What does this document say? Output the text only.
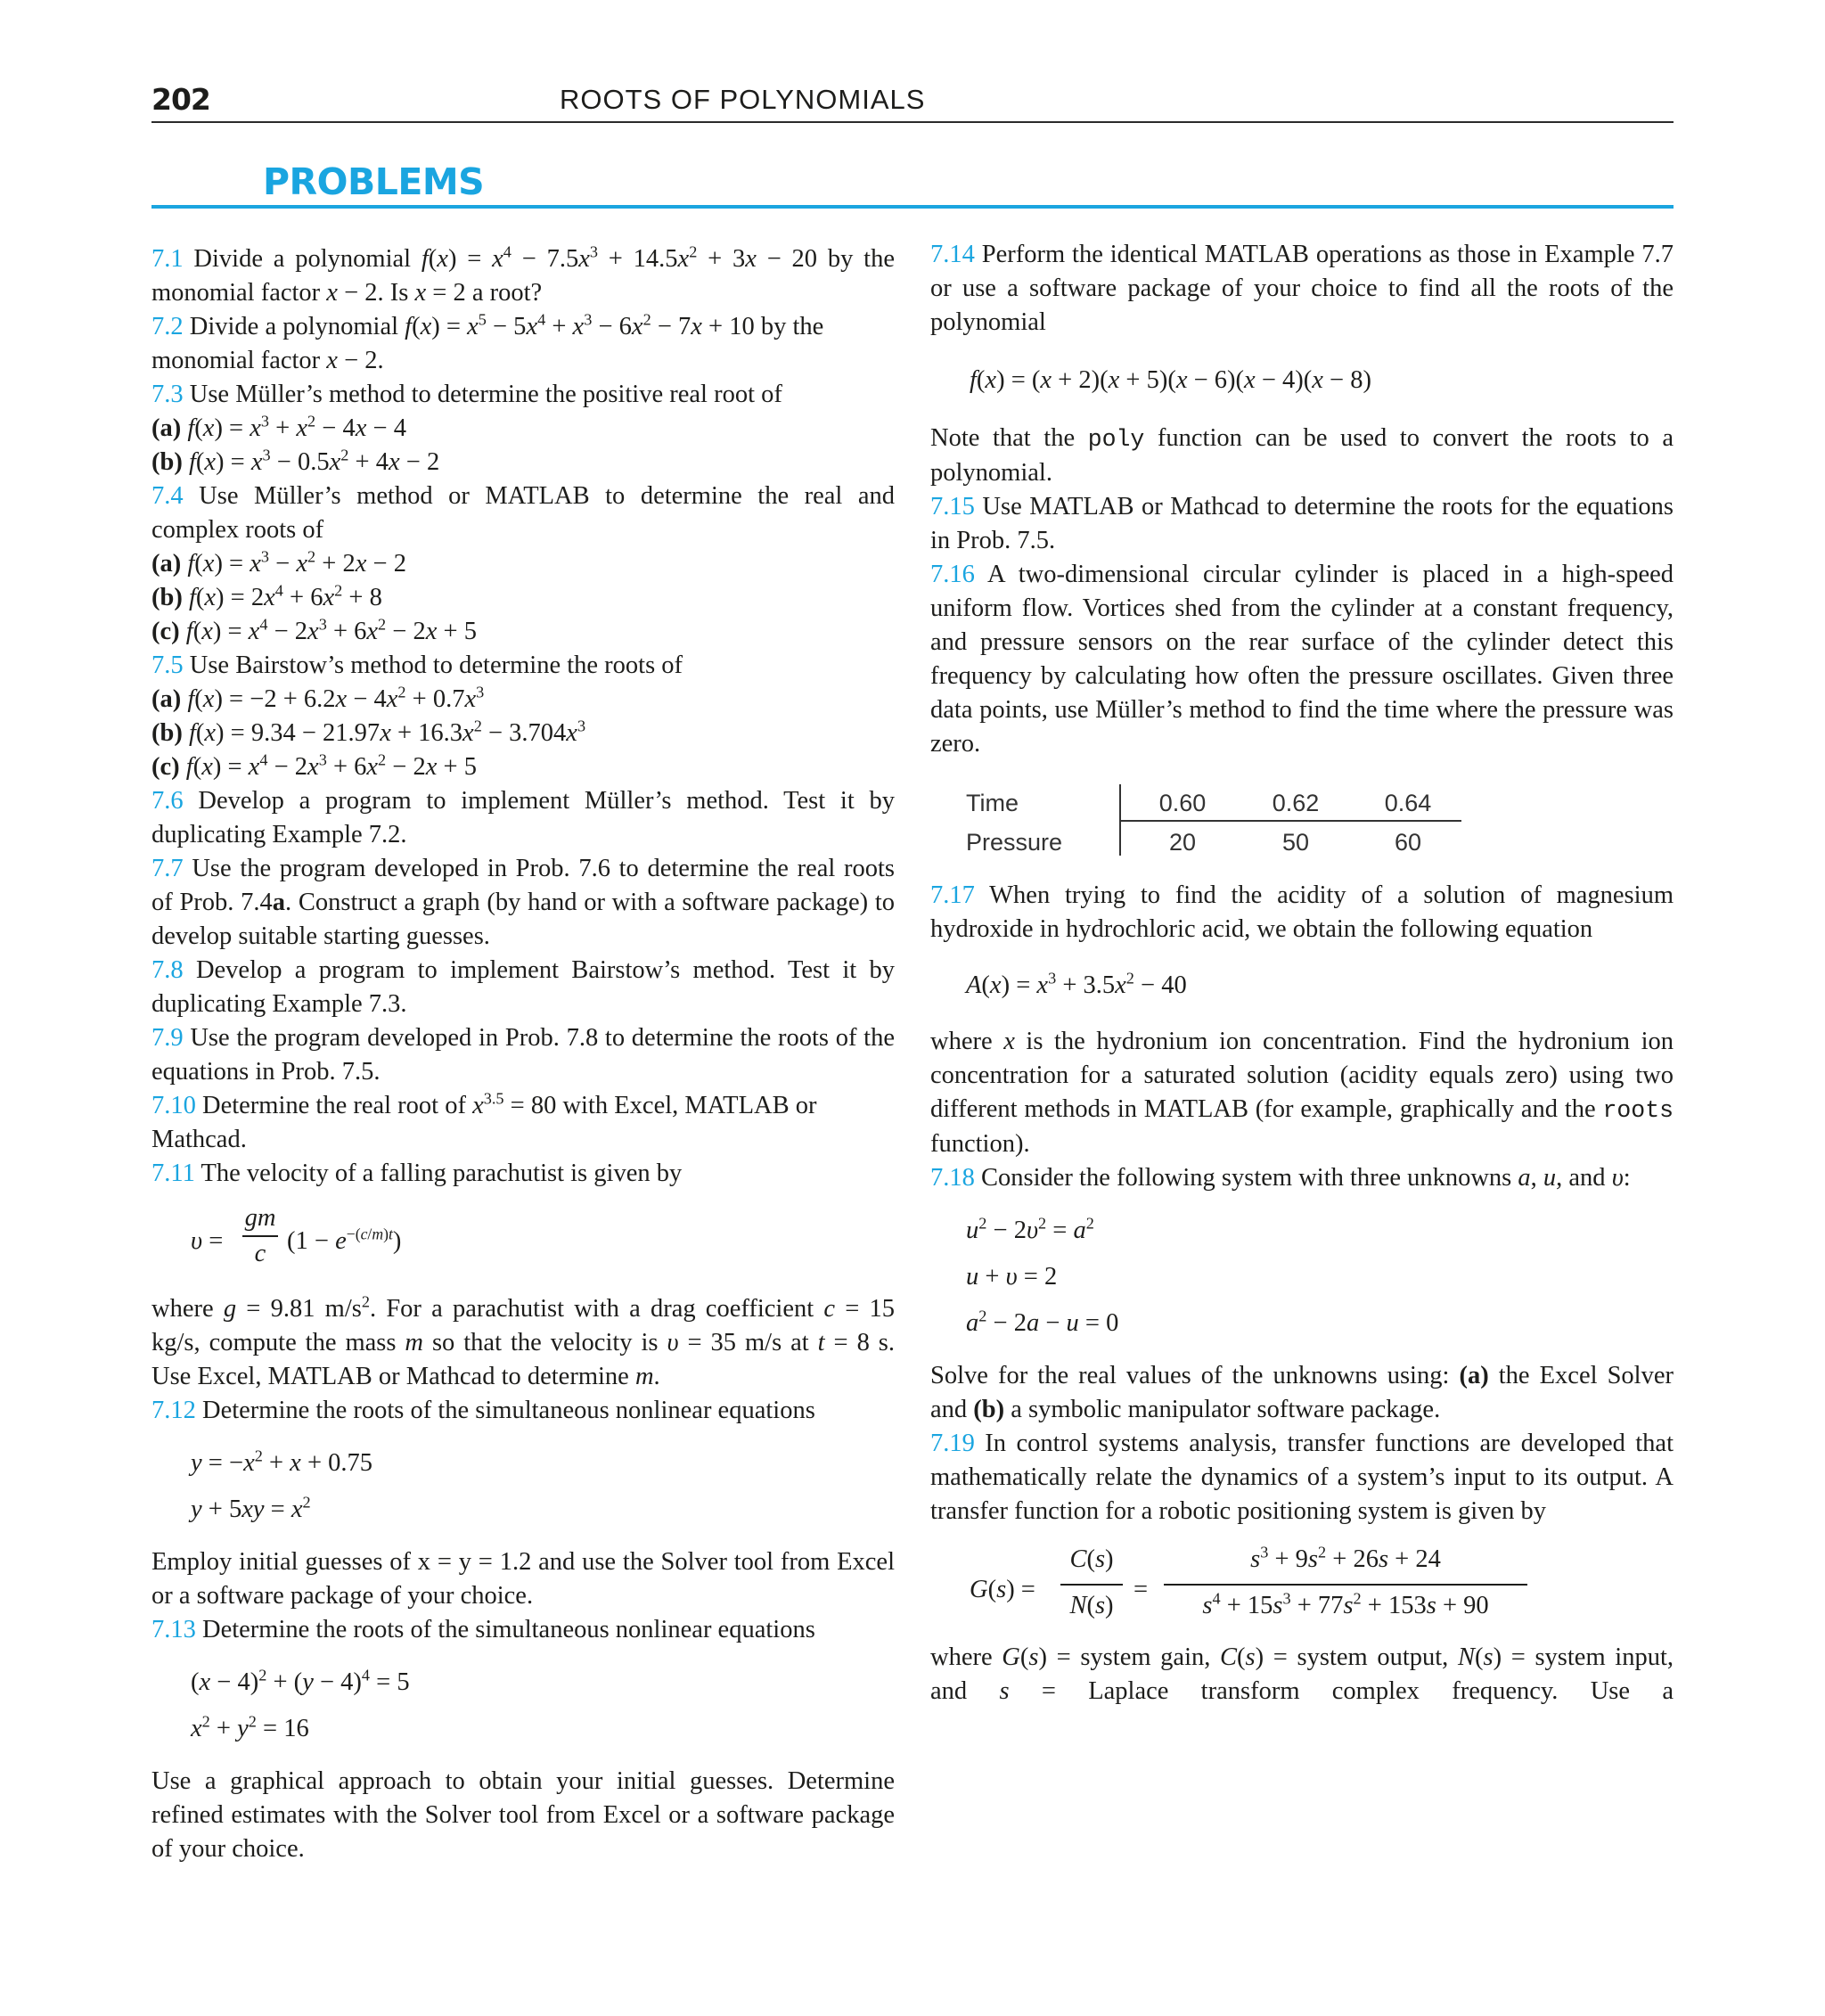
202	ROOTS OF POLYNOMIALS
PROBLEMS
7.1 Divide a polynomial $f(x) = x^4 - 7.5x^3 + 14.5x^2 + 3x - 20$ by the monomial factor x − 2. Is x = 2 a root?
7.2 Divide a polynomial $f(x) = x^5 - 5x^4 + x^3 - 6x^2 - 7x + 10$ by the monomial factor x − 2.
7.3 Use Müller’s method to determine the positive real root of
(a) $f(x) = x^3 + x^2 - 4x - 4$
(b) $f(x) = x^3 - 0.5x^2 + 4x - 2$
7.4 Use Müller’s method or MATLAB to determine the real and complex roots of
(a) $f(x) = x^3 - x^2 + 2x - 2$
(b) $f(x) = 2x^4 + 6x^2 + 8$
(c) $f(x) = x^4 - 2x^3 + 6x^2 - 2x + 5$
7.5 Use Bairstow’s method to determine the roots of
(a) $f(x) = -2 + 6.2x - 4x^2 + 0.7x^3$
(b) $f(x) = 9.34 - 21.97x + 16.3x^2 - 3.704x^3$
(c) $f(x) = x^4 - 2x^3 + 6x^2 - 2x + 5$
7.6 Develop a program to implement Müller’s method. Test it by duplicating Example 7.2.
7.7 Use the program developed in Prob. 7.6 to determine the real roots of Prob. 7.4a. Construct a graph (by hand or with a software package) to develop suitable starting guesses.
7.8 Develop a program to implement Bairstow’s method. Test it by duplicating Example 7.3.
7.9 Use the program developed in Prob. 7.8 to determine the roots of the equations in Prob. 7.5.
7.10 Determine the real root of $x^{3.5} = 80$ with Excel, MATLAB or Mathcad.
7.11 The velocity of a falling parachutist is given by
υ =
gm
c $(1 - e^{-(c/m)t})$
where g = 9.81 $m/s^2$. For a parachutist with a drag coefficient c = 15 kg/s, compute the mass m so that the velocity is υ = 35 m/s at t = 8 s. Use Excel, MATLAB or Mathcad to determine m.
7.12 Determine the roots of the simultaneous nonlinear equations
$y = -x^2 + x + 0.75$
$y + 5xy = x^2$
Employ initial guesses of x = y = 1.2 and use the Solver tool from Excel or a software package of your choice.
7.13 Determine the roots of the simultaneous nonlinear equations
$(x - 4)^2 + (y - 4)^4 = 5$
$x^2 + y^2 = 16$
Use a graphical approach to obtain your initial guesses. Determine refined estimates with the Solver tool from Excel or a software package of your choice.
7.14 Perform the identical MATLAB operations as those in Example 7.7 or use a software package of your choice to find all the roots of the polynomial
f(x) = (x + 2)(x + 5)(x − 6)(x − 4)(x − 8)
Note that the poly function can be used to convert the roots to a polynomial.
7.15 Use MATLAB or Mathcad to determine the roots for the equations in Prob. 7.5.
7.16 A two-dimensional circular cylinder is placed in a high-speed uniform flow. Vortices shed from the cylinder at a constant frequency, and pressure sensors on the rear surface of the cylinder detect this frequency by calculating how often the pressure oscillates. Given three data points, use Müller’s method to find the time where the pressure was zero.
Time	0.60	0.62	0.64
Pressure	20	50	60
7.17 When trying to find the acidity of a solution of magnesium hydroxide in hydrochloric acid, we obtain the following equation
$A(x) = x^3 + 3.5x^2 - 40$
where x is the hydronium ion concentration. Find the hydronium ion concentration for a saturated solution (acidity equals zero) using two different methods in MATLAB (for example, graphically and the roots function).
7.18 Consider the following system with three unknowns a, u, and υ:
$u^2 - 2\upsilon^2 = a^2$
u + υ = 2
$a^2 - 2a - u = 0$
Solve for the real values of the unknowns using: (a) the Excel Solver and (b) a symbolic manipulator software package.
7.19 In control systems analysis, transfer functions are developed that mathematically relate the dynamics of a system’s input to its output. A transfer function for a robotic positioning system is given by
G(s) =
C(s)
N(s)
=
$s^3 + 9s^2 + 26s + 24$
$s^4 + 15s^3 + 77s^2 + 153s + 90$
where G(s) = system gain, C(s) = system output, N(s) = system input, and s = Laplace transform complex frequency. Use a
